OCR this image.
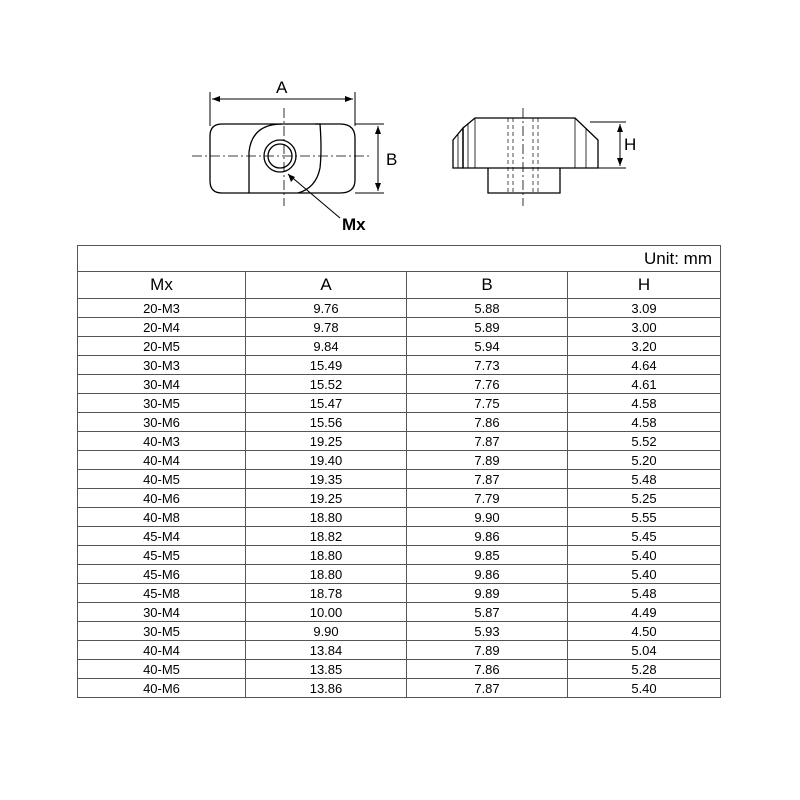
A
B
Mx
H
Unit: mm			
Mx	A	B	H
20-M3	9.76	5.88	3.09
20-M4	9.78	5.89	3.00
20-M5	9.84	5.94	3.20
30-M3	15.49	7.73	4.64
30-M4	15.52	7.76	4.61
30-M5	15.47	7.75	4.58
30-M6	15.56	7.86	4.58
40-M3	19.25	7.87	5.52
40-M4	19.40	7.89	5.20
40-M5	19.35	7.87	5.48
40-M6	19.25	7.79	5.25
40-M8	18.80	9.90	5.55
45-M4	18.82	9.86	5.45
45-M5	18.80	9.85	5.40
45-M6	18.80	9.86	5.40
45-M8	18.78	9.89	5.48
30-M4	10.00	5.87	4.49
30-M5	9.90	5.93	4.50
40-M4	13.84	7.89	5.04
40-M5	13.85	7.86	5.28
40-M6	13.86	7.87	5.40
